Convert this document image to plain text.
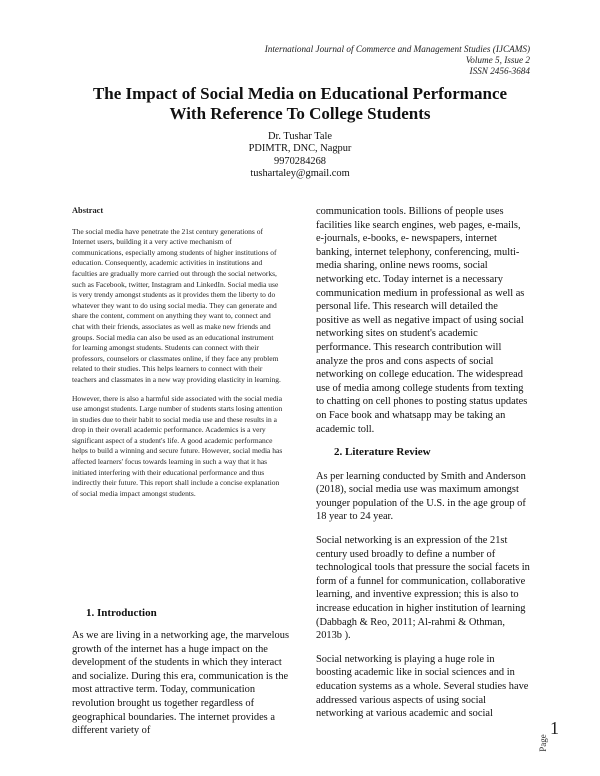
International Journal of Commerce and Management Studies (IJCAMS)
Volume 5, Issue 2
ISSN 2456-3684
The Impact of Social Media on Educational Performance
With Reference To College Students
Dr. Tushar Tale
PDIMTR, DNC, Nagpur
9970284268
tushartaley@gmail.com
Abstract

The social media have penetrate the 21st century generations of Internet users, building it a very active mechanism of communications, especially among students of higher institutions of education. Consequently, academic activities in institutions and faculties are gradually more carried out through the social networks, such as Facebook, twitter, Instagram and LinkedIn. Social media use is very trendy amongst students as it provides them the liberty to do whatever they want to do using social media. They can generate and share the content, comment on anything they want to, connect and chat with their friends, associates as well as make new friends and groups. Social media can also be used as an educational instrument for learning amongst students. Students can connect with their professors, counselors or classmates online, if they face any problem related to their studies. This helps learners to connect with their teachers and classmates in a new way providing elasticity in learning.

However, there is also a harmful side associated with the social media use amongst students. Large number of students starts losing attention in studies due to their habit to social media use and these results in a drop in their overall academic performance. Academics is a very significant aspect of a student's life. A good academic performance helps to build a winning and secure future. However, social media has affected learners' focus towards learning in such a way that it has initiated interfering with their educational performance and thus indirectly their future. This report shall include a concise explanation of social media impact amongst students.

1. Introduction
As we are living in a networking age, the marvelous growth of the internet has a huge impact on the development of the students in which they interact and socialize. During this era, communication is the most attractive term. Today, communication revolution brought us together regardless of geographical boundaries. The internet provides a different variety of

communication tools. Billions of people uses facilities like search engines, web pages, e-mails, e-journals, e-books, e- newspapers, internet banking, internet telephony, conferencing, multi-media sharing, online news rooms, social networking etc. Today internet is a necessary communication medium in professional as well as personal life. This research will detailed the positive as well as negative impact of using social networking sites on student's academic performance. This research contribution will analyze the pros and cons aspects of social networking on college education. The widespread use of media among college students from texting to chatting on cell phones to posting status updates on Face book and whatsapp may be taking an academic toll.

2. Literature Review

As per learning conducted by Smith and Anderson (2018), social media use was maximum amongst younger population of the U.S. in the age group of 18 year to 24 year.

Social networking is an expression of the 21st century used broadly to define a number of technological tools that pressure the social facets in form of a funnel for communication, collaborative learning, and inventive expression; this is also to increase education in higher institution of learning (Dabbagh & Reo, 2011; Al-rahmi & Othman, 2013b ).

Social networking is playing a huge role in boosting academic like in social sciences and in education systems as a whole. Several studies have addressed various aspects of using social networking at various academic and social

Page
1
